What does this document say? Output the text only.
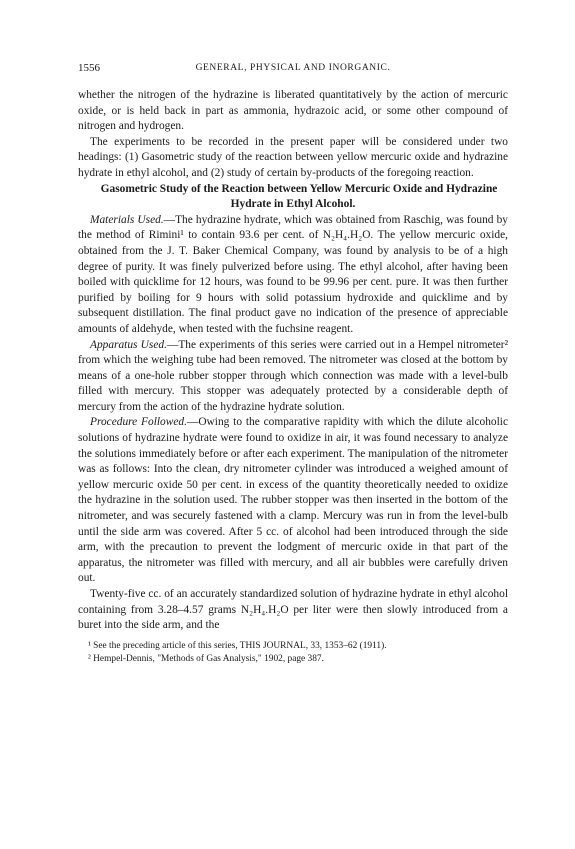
1556	GENERAL, PHYSICAL AND INORGANIC.

whether the nitrogen of the hydrazine is liberated quantitatively by the action of mercuric oxide, or is held back in part as ammonia, hydrazoic acid, or some other compound of nitrogen and hydrogen.

The experiments to be recorded in the present paper will be considered under two headings: (1) Gasometric study of the reaction between yellow mercuric oxide and hydrazine hydrate in ethyl alcohol, and (2) study of certain by-products of the foregoing reaction.

Gasometric Study of the Reaction between Yellow Mercuric Oxide and Hydrazine Hydrate in Ethyl Alcohol.

Materials Used.—The hydrazine hydrate, which was obtained from Raschig, was found by the method of Rimini¹ to contain 93.6 per cent. of N₂H₄.H₂O. The yellow mercuric oxide, obtained from the J. T. Baker Chemical Company, was found by analysis to be of a high degree of purity. It was finely pulverized before using. The ethyl alcohol, after having been boiled with quicklime for 12 hours, was found to be 99.96 per cent. pure. It was then further purified by boiling for 9 hours with solid potassium hydroxide and quicklime and by subsequent distillation. The final product gave no indication of the presence of appreciable amounts of aldehyde, when tested with the fuchsine reagent.

Apparatus Used.—The experiments of this series were carried out in a Hempel nitrometer² from which the weighing tube had been removed. The nitrometer was closed at the bottom by means of a one-hole rubber stopper through which connection was made with a level-bulb filled with mercury. This stopper was adequately protected by a considerable depth of mercury from the action of the hydrazine hydrate solution.

Procedure Followed.—Owing to the comparative rapidity with which the dilute alcoholic solutions of hydrazine hydrate were found to oxidize in air, it was found necessary to analyze the solutions immediately before or after each experiment. The manipulation of the nitrometer was as follows: Into the clean, dry nitrometer cylinder was introduced a weighed amount of yellow mercuric oxide 50 per cent. in excess of the quantity theoretically needed to oxidize the hydrazine in the solution used. The rubber stopper was then inserted in the bottom of the nitrometer, and was securely fastened with a clamp. Mercury was run in from the level-bulb until the side arm was covered. After 5 cc. of alcohol had been introduced through the side arm, with the precaution to prevent the lodgment of mercuric oxide in that part of the apparatus, the nitrometer was filled with mercury, and all air bubbles were carefully driven out.

Twenty-five cc. of an accurately standardized solution of hydrazine hydrate in ethyl alcohol containing from 3.28–4.57 grams N₂H₄.H₂O per liter were then slowly introduced from a buret into the side arm, and the

¹ See the preceding article of this series, THIS JOURNAL, 33, 1353–62 (1911).

² Hempel-Dennis, "Methods of Gas Analysis," 1902, page 387.
